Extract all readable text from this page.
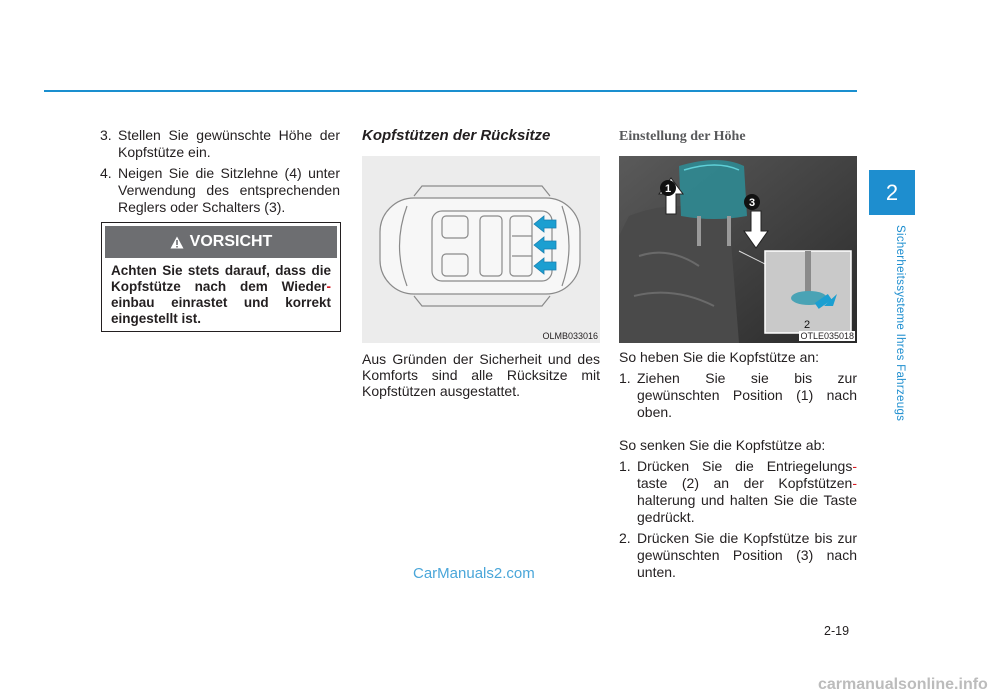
2
Sicherheitssysteme Ihres Fahrzeugs
3. Stellen Sie gewünschte Höhe der Kopfstütze ein.
4. Neigen Sie die Sitzlehne (4) unter Verwendung des entsprechenden Reglers oder Schalters (3).
VORSICHT
Achten Sie stets darauf, dass die Kopfstütze nach dem Wieder- einbau einrastet und korrekt eingestellt ist.
Kopfstützen der Rücksitze
OLMB033016
Aus Gründen der Sicherheit und des Komforts sind alle Rücksitze mit Kopfstützen ausgestattet.
Einstellung der Höhe
1
3
2
OTLE035018
So heben Sie die Kopfstütze an:
1. Ziehen Sie sie bis zur gewünschten Position (1) nach oben.
So senken Sie die Kopfstütze ab:
1. Drücken Sie die Entriegelungs- taste (2) an der Kopfstützen- halterung und halten Sie die Taste gedrückt.
2. Drücken Sie die Kopfstütze bis zur gewünschten Position (3) nach unten.
2-19
CarManuals2.com
carmanualsonline.info
